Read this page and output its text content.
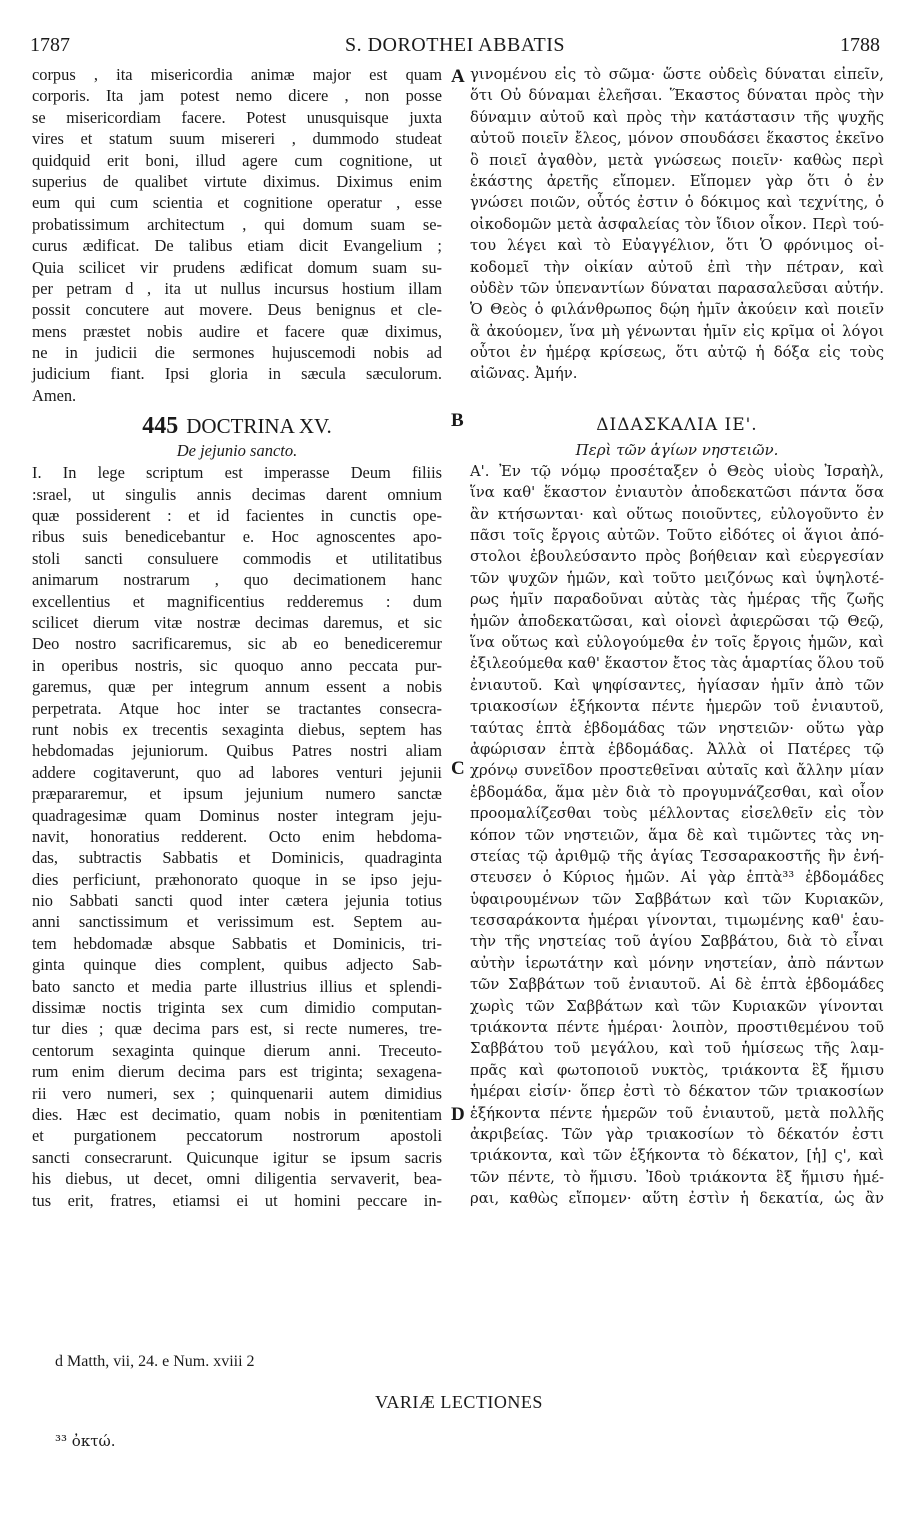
1787	S. DOROTHEI ABBATIS	1788
corpus , ita misericordia animæ major est quam
corporis. Ita jam potest nemo dicere , non posse
se misericordiam facere. Potest unusquisque juxta
vires et statum suum misereri , dummodo studeat
quidquid erit boni, illud agere cum cognitione, ut
superius de qualibet virtute diximus. Diximus enim
eum qui cum scientia et cognitione operatur , esse
probatissimum architectum , qui domum suam se-
curus ædificat. De talibus etiam dicit Evangelium ;
Quia scilicet vir prudens ædificat domum suam su-
per petram d , ita ut nullus incursus hostium illam
possit concutere aut movere. Deus benignus et cle-
mens præstet nobis audire et facere quæ diximus,
ne in judicii die sermones hujuscemodi nobis ad
judicium fiant. Ipsi gloria in sæcula sæculorum.
Amen.
445 DOCTRINA XV.
De jejunio sancto.
I. In lege scriptum est imperasse Deum filiis
:srael, ut singulis annis decimas darent omnium
quæ possiderent : et id facientes in cunctis ope-
ribus suis benedicebantur e. Hoc agnoscentes apo-
stoli sancti consuluere commodis et utilitatibus
animarum nostrarum , quo decimationem hanc
excellentius et magnificentius redderemus : dum
scilicet dierum vitæ nostræ decimas daremus, et sic
Deo nostro sacrificaremus, sic ab eo benediceremur
in operibus nostris, sic quoquo anno peccata pur-
garemus, quæ per integrum annum essent a nobis
perpetrata. Atque hoc inter se tractantes consecra-
runt nobis ex trecentis sexaginta diebus, septem has
hebdomadas jejuniorum. Quibus Patres nostri aliam
addere cogitaverunt, quo ad labores venturi jejunii
præpararemur, et ipsum jejunium numero sanctæ
quadragesimæ quam Dominus noster integram jeju-
navit, honoratius redderent. Octo enim hebdoma-
das, subtractis Sabbatis et Dominicis, quadraginta
dies perficiunt, præhonorato quoque in se ipso jeju-
nio Sabbati sancti quod inter cætera jejunia totius
anni sanctissimum et verissimum est. Septem au-
tem hebdomadæ absque Sabbatis et Dominicis, tri-
ginta quinque dies complent, quibus adjecto Sab-
bato sancto et media parte illustrius illius et splendi-
dissimæ noctis triginta sex cum dimidio computan-
tur dies ; quæ decima pars est, si recte numeres, tre-
centorum sexaginta quinque dierum anni. Treceuto-
rum enim dierum decima pars est triginta; sexagena-
rii vero numeri, sex ; quinquenarii autem dimidius
dies. Hæc est decimatio, quam nobis in pœnitentiam
et purgationem peccatorum nostrorum apostoli
sancti consecrarunt. Quicunque igitur se ipsum sacris
his diebus, ut decet, omni diligentia servaverit, bea-
tus erit, fratres, etiamsi ei ut homini peccare in-
γινομένου εἰς τὸ σῶμα· ὥστε οὐδεὶς δύναται εἰπεῖν,
ὅτι Οὐ δύναμαι ἐλεῆσαι. Ἕκαστος δύναται πρὸς τὴν
δύναμιν αὐτοῦ καὶ πρὸς τὴν κατάστασιν τῆς ψυχῆς
αὐτοῦ ποιεῖν ἔλεος, μόνον σπουδάσει ἕκαστος ἐκεῖνο
ὃ ποιεῖ ἀγαθὸν, μετὰ γνώσεως ποιεῖν· καθὼς περὶ
ἑκάστης ἀρετῆς εἴπομεν. Εἴπομεν γὰρ ὅτι ὁ ἐν
γνώσει ποιῶν, οὗτός ἐστιν ὁ δόκιμος καὶ τεχνίτης, ὁ
οἰκοδομῶν μετὰ ἀσφαλείας τὸν ἴδιον οἶκον. Περὶ τού-
του λέγει καὶ τὸ Εὐαγγέλιον, ὅτι Ὁ φρόνιμος οἰ-
κοδομεῖ τὴν οἰκίαν αὐτοῦ ἐπὶ τὴν πέτραν, καὶ
οὐδὲν τῶν ὑπεναντίων δύναται παρασαλεῦσαι αὐτήν.
Ὁ Θεὸς ὁ φιλάνθρωπος δῴη ἡμῖν ἀκούειν καὶ ποιεῖν
ἃ ἀκούομεν, ἵνα μὴ γένωνται ἡμῖν εἰς κρῖμα οἱ λόγοι
οὗτοι ἐν ἡμέρᾳ κρίσεως, ὅτι αὐτῷ ἡ δόξα εἰς τοὺς
αἰῶνας. Ἀμήν.
ΔΙΔΑΣΚΑΛΙΑ ΙΕ'.
Περὶ τῶν ἁγίων νηστειῶν.
Α'. Ἐν τῷ νόμῳ προσέταξεν ὁ Θεὸς υἱοὺς Ἰσραὴλ,
ἵνα καθ' ἕκαστον ἐνιαυτὸν ἀποδεκατῶσι πάντα ὅσα
ἂν κτήσωνται· καὶ οὕτως ποιοῦντες, εὐλογοῦντο ἐν
πᾶσι τοῖς ἔργοις αὐτῶν. Τοῦτο εἰδότες οἱ ἅγιοι ἀπό-
στολοι ἐβουλεύσαντο πρὸς βοήθειαν καὶ εὐεργεσίαν
τῶν ψυχῶν ἡμῶν, καὶ τοῦτο μειζόνως καὶ ὑψηλοτέ-
ρως ἡμῖν παραδοῦναι αὐτὰς τὰς ἡμέρας τῆς ζωῆς
ἡμῶν ἀποδεκατῶσαι, καὶ οἱονεὶ ἀφιερῶσαι τῷ Θεῷ,
ἵνα οὕτως καὶ εὐλογούμεθα ἐν τοῖς ἔργοις ἡμῶν, καὶ
ἐξιλεούμεθα καθ' ἕκαστον ἔτος τὰς ἁμαρτίας ὅλου τοῦ
ἐνιαυτοῦ. Καὶ ψηφίσαντες, ἡγίασαν ἡμῖν ἀπὸ τῶν
τριακοσίων ἑξήκοντα πέντε ἡμερῶν τοῦ ἐνιαυτοῦ,
ταύτας ἑπτὰ ἑβδομάδας τῶν νηστειῶν· οὕτω γὰρ
ἀφώρισαν ἑπτὰ ἑβδομάδας. Ἀλλὰ οἱ Πατέρες τῷ
χρόνῳ συνεῖδον προστεθεῖναι αὐταῖς καὶ ἄλλην μίαν
ἑβδομάδα, ἅμα μὲν διὰ τὸ προγυμνάζεσθαι, καὶ οἷον
προομαλίζεσθαι τοὺς μέλλοντας εἰσελθεῖν εἰς τὸν
κόπον τῶν νηστειῶν, ἅμα δὲ καὶ τιμῶντες τὰς νη-
στείας τῷ ἀριθμῷ τῆς ἁγίας Τεσσαρακοστῆς ἣν ἐνή-
στευσεν ὁ Κύριος ἡμῶν. Αἱ γὰρ ἑπτὰ³³ ἑβδομάδες
ὑφαιρουμένων τῶν Σαββάτων καὶ τῶν Κυριακῶν,
τεσσαράκοντα ἡμέραι γίνονται, τιμωμένης καθ' ἑαυ-
τὴν τῆς νηστείας τοῦ ἁγίου Σαββάτου, διὰ τὸ εἶναι
αὐτὴν ἱερωτάτην καὶ μόνην νηστείαν, ἀπὸ πάντων
τῶν Σαββάτων τοῦ ἐνιαυτοῦ. Αἱ δὲ ἑπτὰ ἑβδομάδες
χωρὶς τῶν Σαββάτων καὶ τῶν Κυριακῶν γίνονται
τριάκοντα πέντε ἡμέραι· λοιπὸν, προστιθεμένου τοῦ
Σαββάτου τοῦ μεγάλου, καὶ τοῦ ἡμίσεως τῆς λαμ-
πρᾶς καὶ φωτοποιοῦ νυκτὸς, τριάκοντα ἓξ ἥμισυ
ἡμέραι εἰσίν· ὅπερ ἐστὶ τὸ δέκατον τῶν τριακοσίων
ἑξήκοντα πέντε ἡμερῶν τοῦ ἐνιαυτοῦ, μετὰ πολλῆς
ἀκριβείας. Τῶν γὰρ τριακοσίων τὸ δέκατόν ἐστι
τριάκοντα, καὶ τῶν ἑξήκοντα τὸ δέκατον, [ἡ] ς', καὶ
τῶν πέντε, τὸ ἥμισυ. Ἰδοὺ τριάκοντα ἓξ ἥμισυ ἡμέ-
ραι, καθὼς εἴπομεν· αὕτη ἐστὶν ἡ δεκατία, ὡς ἂν
A
B
C
D
d Matth, vii, 24. e Num. xviii 2
VARIÆ LECTIONES
³³ ὀκτώ.
